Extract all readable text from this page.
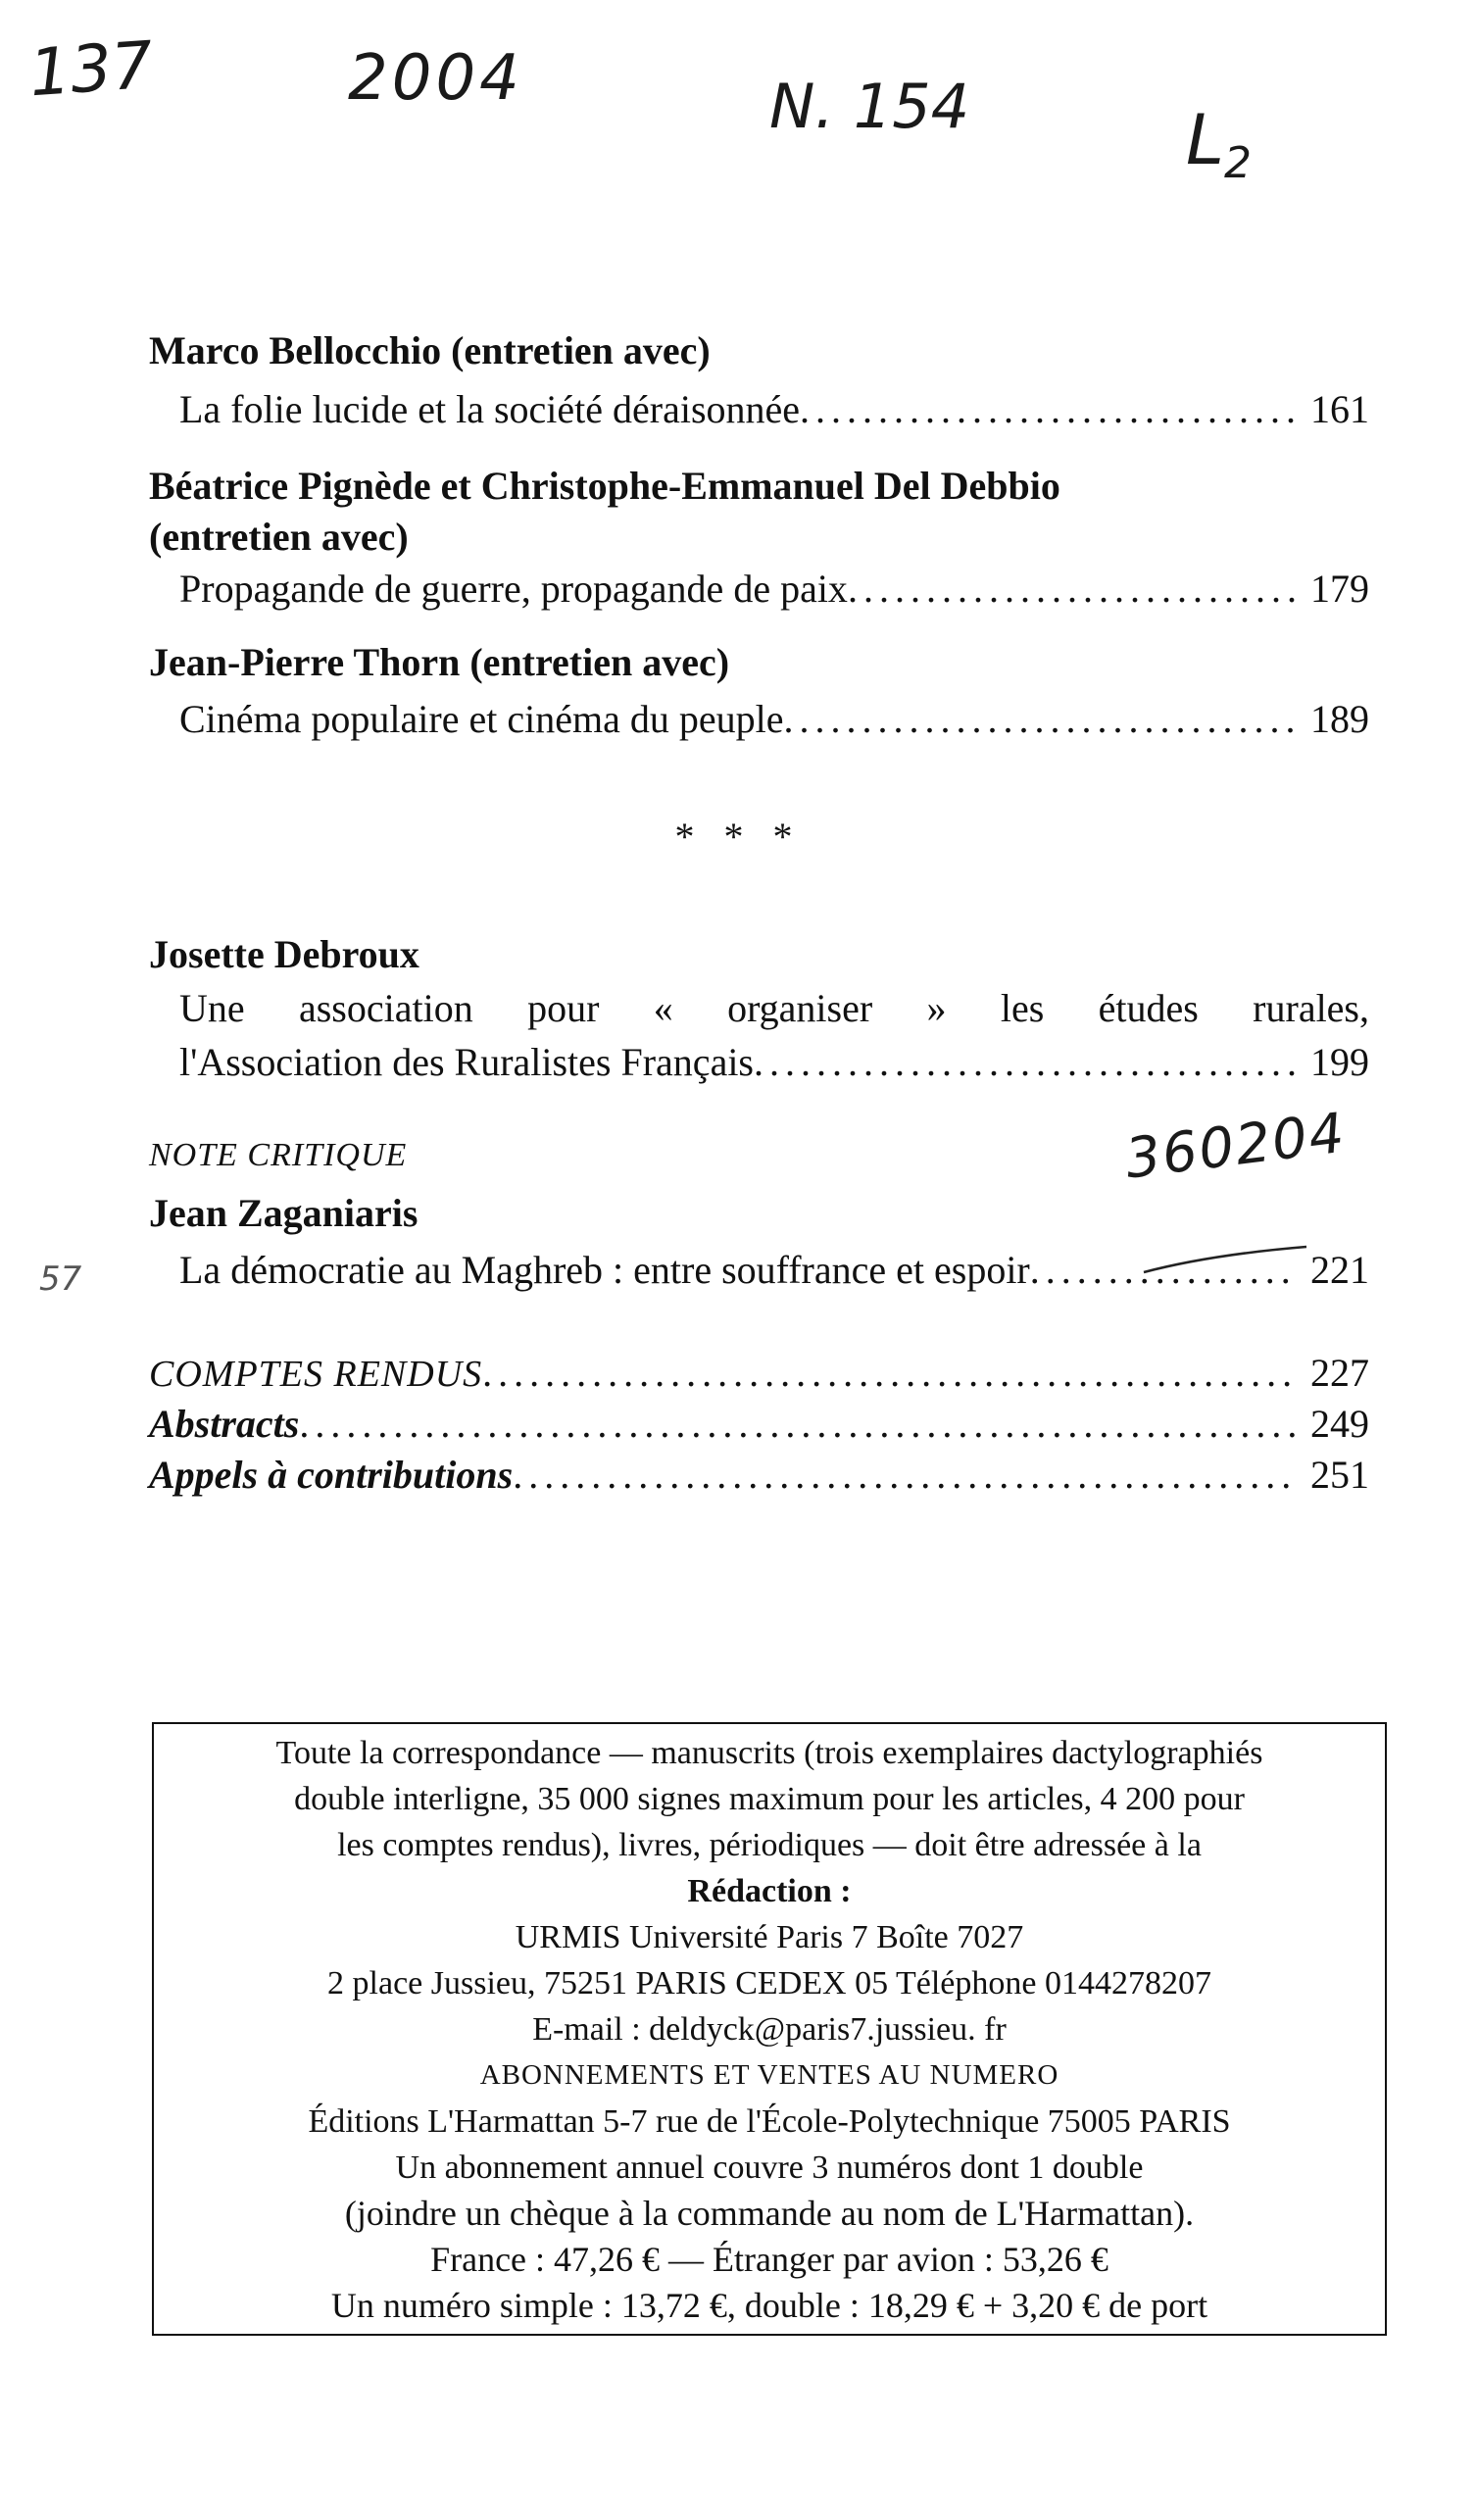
137	2004	N. 154	$L_2$
360204
57
Marco Bellocchio (entretien avec)
La folie lucide et la société déraisonnée . . .	161
Béatrice Pignède et Christophe-Emmanuel Del Debbio
(entretien avec)
Propagande de guerre, propagande de paix . . .	179
Jean-Pierre Thorn (entretien avec)
Cinéma populaire et cinéma du peuple . . .	189
* * *
Josette Debroux
Une association pour « organiser » les études rurales,
l'Association des Ruralistes Français . . .	199
NOTE CRITIQUE
Jean Zaganiaris
La démocratie au Maghreb : entre souffrance et espoir . . .	221
COMPTES RENDUS . . .	227
Abstracts . . .	249
Appels à contributions . . .	251
Toute la correspondance — manuscrits (trois exemplaires dactylographiés
double interligne, 35 000 signes maximum pour les articles, 4 200 pour
les comptes rendus), livres, périodiques — doit être adressée à la
Rédaction :
URMIS Université Paris 7 Boîte 7027
2 place Jussieu, 75251 PARIS CEDEX 05 Téléphone 0144278207
E-mail : deldyck@paris7.jussieu. fr
ABONNEMENTS ET VENTES AU NUMERO
Éditions L'Harmattan 5-7 rue de l'École-Polytechnique 75005 PARIS
Un abonnement annuel couvre 3 numéros dont 1 double
(joindre un chèque à la commande au nom de L'Harmattan).
France : 47,26 € — Étranger par avion : 53,26 €
Un numéro simple : 13,72 €, double : 18,29 € + 3,20 € de port
